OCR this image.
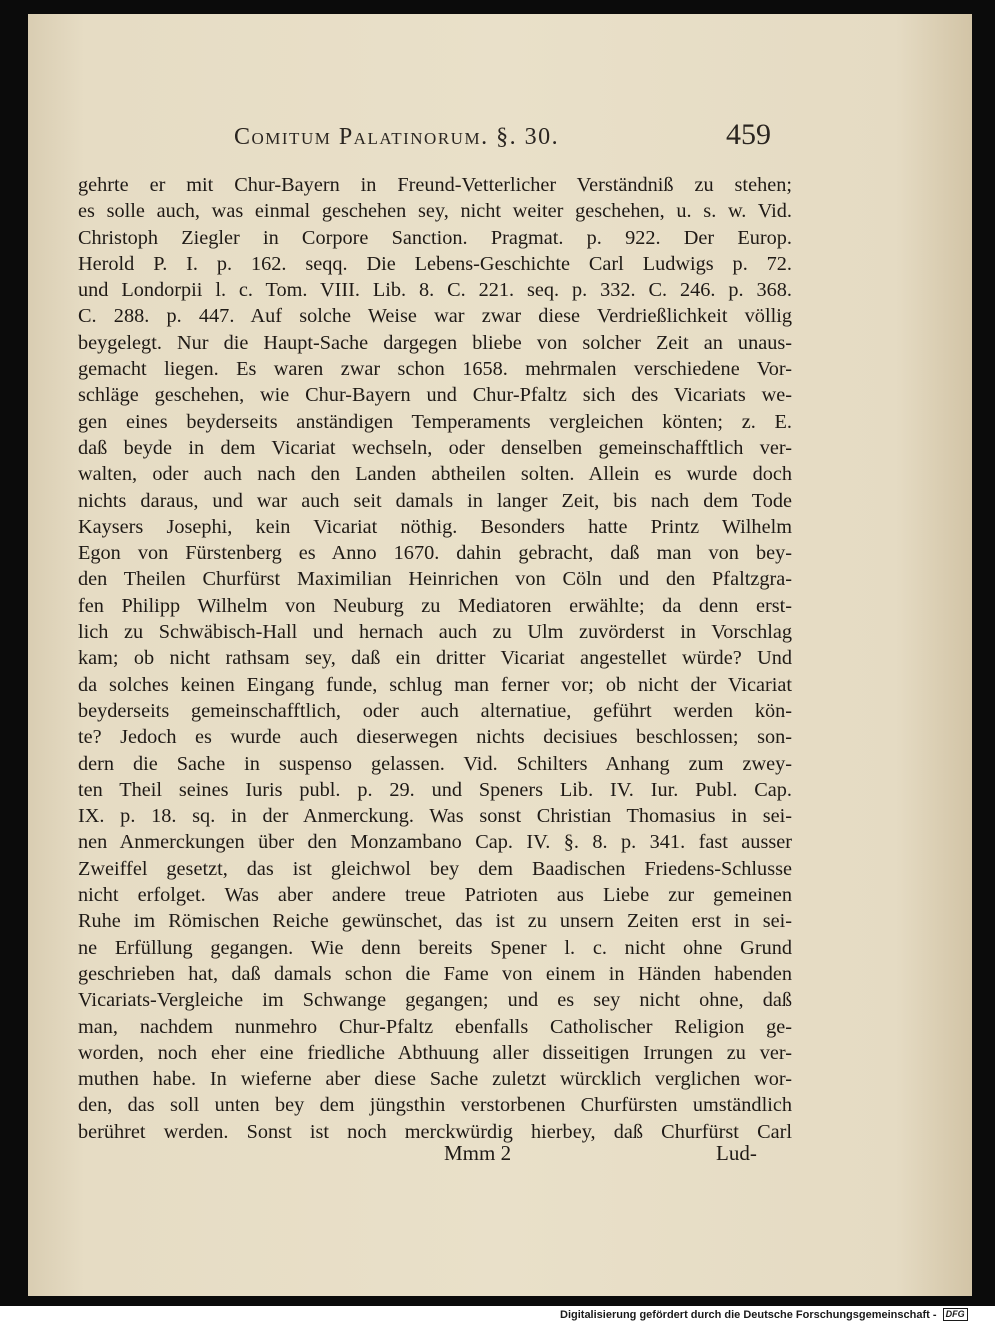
Comitum Palatinorum. §. 30.	459
gehrte er mit Chur-Bayern in Freund-Vetterlicher Verständniß zu stehen;
es solle auch, was einmal geschehen sey, nicht weiter geschehen, u. s. w. Vid.
Christoph Ziegler in Corpore Sanction. Pragmat. p. 922. Der Europ.
Herold P. I. p. 162. seqq. Die Lebens-Geschichte Carl Ludwigs p. 72.
und Londorpii l. c. Tom. VIII. Lib. 8. C. 221. seq. p. 332. C. 246. p. 368.
C. 288. p. 447. Auf solche Weise war zwar diese Verdrießlichkeit völlig
beygelegt. Nur die Haupt-Sache dargegen bliebe von solcher Zeit an unaus-
gemacht liegen. Es waren zwar schon 1658. mehrmalen verschiedene Vor-
schläge geschehen, wie Chur-Bayern und Chur-Pfaltz sich des Vicariats we-
gen eines beyderseits anständigen Temperaments vergleichen könten; z. E.
daß beyde in dem Vicariat wechseln, oder denselben gemeinschafftlich ver-
walten, oder auch nach den Landen abtheilen solten. Allein es wurde doch
nichts daraus, und war auch seit damals in langer Zeit, bis nach dem Tode
Kaysers Josephi, kein Vicariat nöthig. Besonders hatte Printz Wilhelm
Egon von Fürstenberg es Anno 1670. dahin gebracht, daß man von bey-
den Theilen Churfürst Maximilian Heinrichen von Cöln und den Pfaltzgra-
fen Philipp Wilhelm von Neuburg zu Mediatoren erwählte; da denn erst-
lich zu Schwäbisch-Hall und hernach auch zu Ulm zuvörderst in Vorschlag
kam; ob nicht rathsam sey, daß ein dritter Vicariat angestellet würde? Und
da solches keinen Eingang funde, schlug man ferner vor; ob nicht der Vicariat
beyderseits gemeinschafftlich, oder auch alternatiue, geführt werden kön-
te? Jedoch es wurde auch dieserwegen nichts decisiues beschlossen; son-
dern die Sache in suspenso gelassen. Vid. Schilters Anhang zum zwey-
ten Theil seines Iuris publ. p. 29. und Speners Lib. IV. Iur. Publ. Cap.
IX. p. 18. sq. in der Anmerckung. Was sonst Christian Thomasius in sei-
nen Anmerckungen über den Monzambano Cap. IV. §. 8. p. 341. fast ausser
Zweiffel gesetzt, das ist gleichwol bey dem Baadischen Friedens-Schlusse
nicht erfolget. Was aber andere treue Patrioten aus Liebe zur gemeinen
Ruhe im Römischen Reiche gewünschet, das ist zu unsern Zeiten erst in sei-
ne Erfüllung gegangen. Wie denn bereits Spener l. c. nicht ohne Grund
geschrieben hat, daß damals schon die Fame von einem in Händen habenden
Vicariats-Vergleiche im Schwange gegangen; und es sey nicht ohne, daß
man, nachdem nunmehro Chur-Pfaltz ebenfalls Catholischer Religion ge-
worden, noch eher eine friedliche Abthuung aller disseitigen Irrungen zu ver-
muthen habe. In wieferne aber diese Sache zuletzt würcklich verglichen wor-
den, das soll unten bey dem jüngsthin verstorbenen Churfürsten umständlich
berühret werden. Sonst ist noch merckwürdig hierbey, daß Churfürst Carl
Mmm 2	Lud-
Digitalisierung gefördert durch die Deutsche Forschungsgemeinschaft - DFG
